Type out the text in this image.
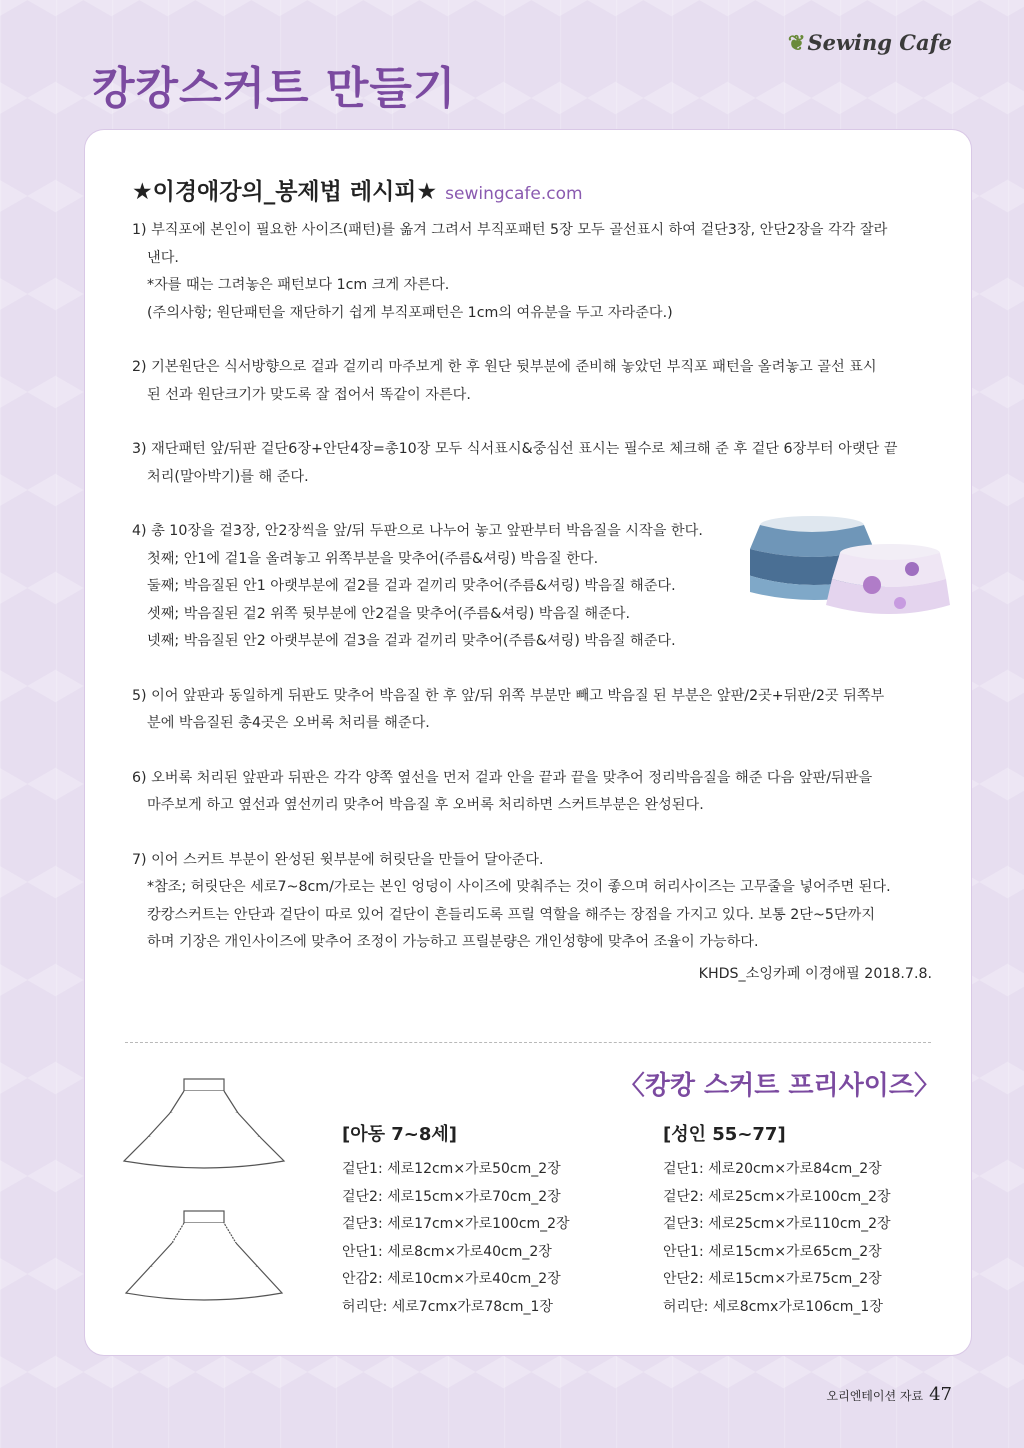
❦Sewing Cafe
캉캉스커트 만들기
★이경애강의_봉제법 레시피★ sewingcafe.com
1) 부직포에 본인이 필요한 사이즈(패턴)를 옮겨 그려서 부직포패턴 5장 모두 골선표시 하여 겉단3장, 안단2장을 각각 잘라
낸다.
*자를 때는 그려놓은 패턴보다 1cm 크게 자른다.
(주의사항; 원단패턴을 재단하기 쉽게 부직포패턴은 1cm의 여유분을 두고 자라준다.)
2) 기본원단은 식서방향으로 겉과 겉끼리 마주보게 한 후 원단 뒷부분에 준비해 놓았던 부직포 패턴을 올려놓고 골선 표시
된 선과 원단크기가 맞도록 잘 접어서 똑같이 자른다.
3) 재단패턴 앞/뒤판 겉단6장+안단4장=총10장 모두 식서표시&중심선 표시는 필수로 체크해 준 후 겉단 6장부터 아랫단 끝
처리(말아박기)를 해 준다.
4) 총 10장을 겉3장, 안2장씩을 앞/뒤 두판으로 나누어 놓고 앞판부터 박음질을 시작을 한다.
첫째; 안1에 겉1을 올려놓고 위쪽부분을 맞추어(주름&셔링) 박음질 한다.
둘째; 박음질된 안1 아랫부분에 겉2를 겉과 겉끼리 맞추어(주름&셔링) 박음질 해준다.
셋째; 박음질된 겉2 위쪽 뒷부분에 안2겉을 맞추어(주름&셔링) 박음질 해준다.
넷째; 박음질된 안2 아랫부분에 겉3을 겉과 겉끼리 맞추어(주름&셔링) 박음질 해준다.
5) 이어 앞판과 동일하게 뒤판도 맞추어 박음질 한 후 앞/뒤 위쪽 부분만 빼고 박음질 된 부분은 앞판/2곳+뒤판/2곳 뒤쪽부
분에 박음질된 총4곳은 오버록 처리를 해준다.
6) 오버록 처리된 앞판과 뒤판은 각각 양쪽 옆선을 먼저 겉과 안을 끝과 끝을 맞추어 정리박음질을 해준 다음 앞판/뒤판을
마주보게 하고 옆선과 옆선끼리 맞추어 박음질 후 오버록 처리하면 스커트부분은 완성된다.
7) 이어 스커트 부분이 완성된 윗부분에 허릿단을 만들어 달아준다.
*참조; 허릿단은 세로7~8cm/가로는 본인 엉덩이 사이즈에 맞춰주는 것이 좋으며 허리사이즈는 고무줄을 넣어주면 된다.
캉캉스커트는 안단과 겉단이 따로 있어 겉단이 흔들리도록 프릴 역할을 해주는 장점을 가지고 있다. 보통 2단~5단까지
하며 기장은 개인사이즈에 맞추어 조정이 가능하고 프릴분량은 개인성향에 맞추어 조율이 가능하다.
KHDS_소잉카페 이경애필 2018.7.8.
〈캉캉 스커트 프리사이즈〉
[아동 7~8세]
겉단1: 세로12cm×가로50cm_2장
겉단2: 세로15cm×가로70cm_2장
겉단3: 세로17cm×가로100cm_2장
안단1: 세로8cm×가로40cm_2장
안감2: 세로10cm×가로40cm_2장
허리단: 세로7cmx가로78cm_1장
[성인 55~77]
겉단1: 세로20cm×가로84cm_2장
겉단2: 세로25cm×가로100cm_2장
겉단3: 세로25cm×가로110cm_2장
안단1: 세로15cm×가로65cm_2장
안단2: 세로15cm×가로75cm_2장
허리단: 세로8cmx가로106cm_1장
오리엔테이션 자료 47
